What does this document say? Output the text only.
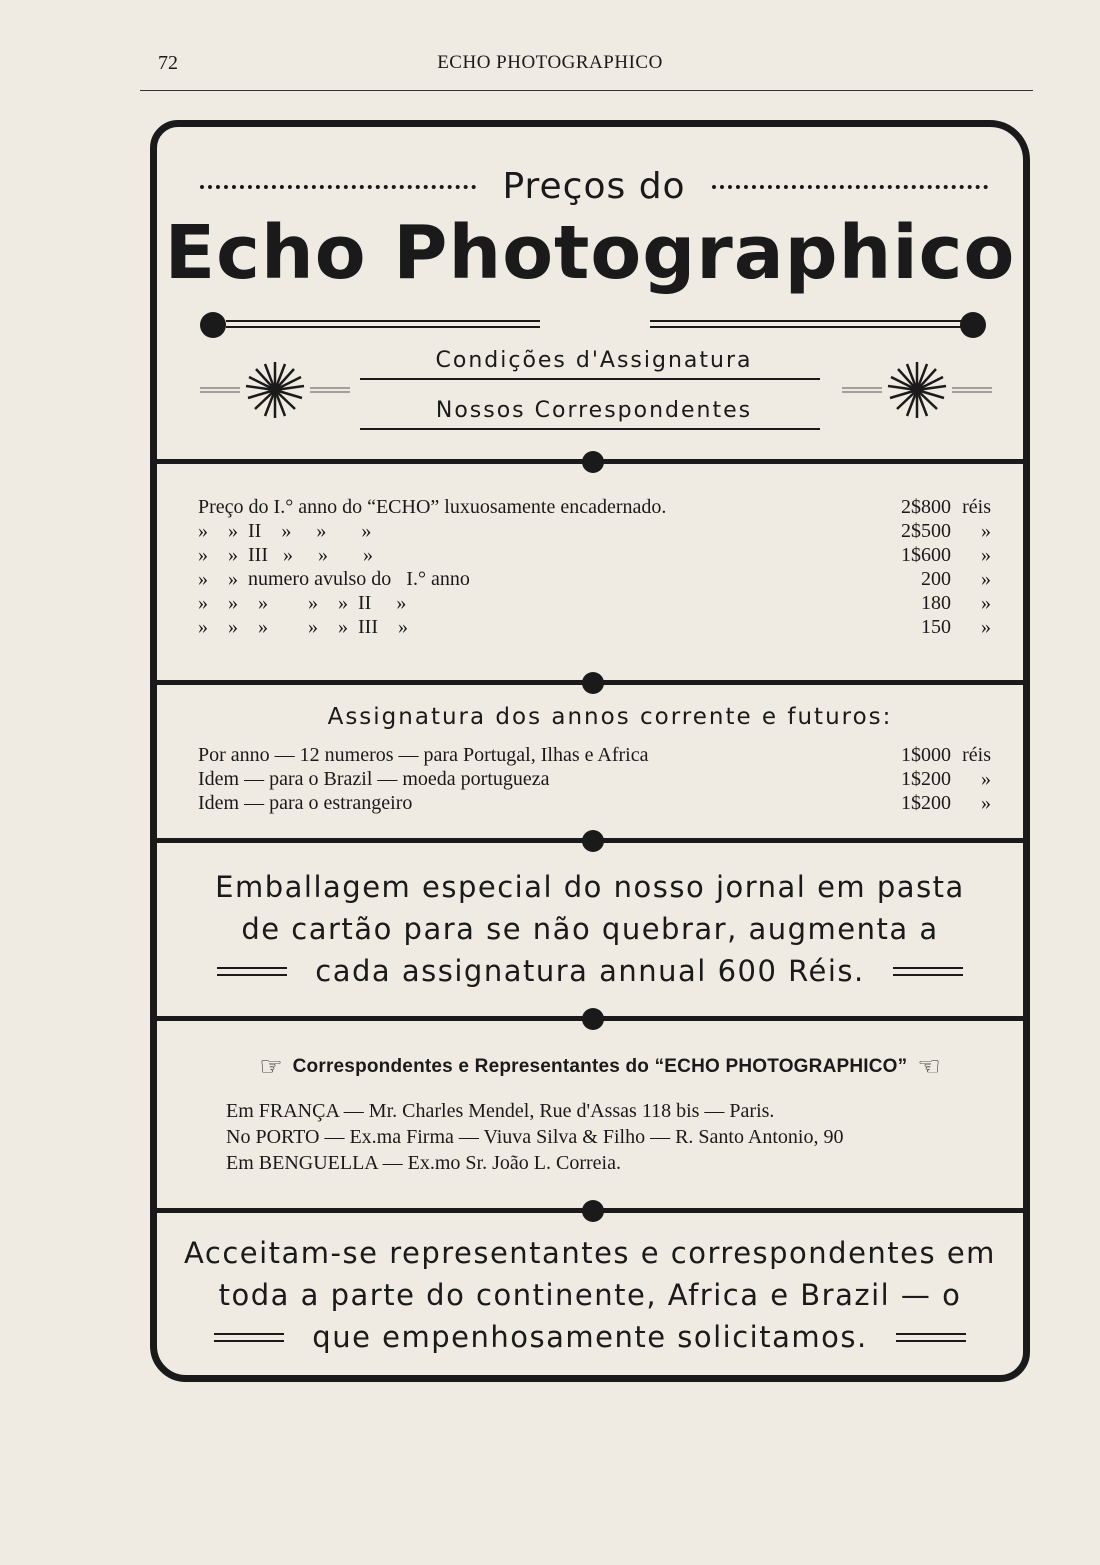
72	ECHO PHOTOGRAPHICO
Preços do
Echo Photographico
Condições d'Assignatura
Nossos Correspondentes
Preço do I.° anno do “ECHO” luxuosamente encadernado.	2$800 réis
»    »  II    »     »       »	2$500 »
»    »  III   »     »       »	1$600 »
»    »  numero avulso do   I.° anno	200 »
»    »    »        »    »  II     »	180 »
»    »    »        »    »  III    »	150 »
Assignatura dos annos corrente e futuros:
Por anno — 12 numeros — para Portugal, Ilhas e Africa	1$000 réis
Idem — para o Brazil — moeda portugueza	1$200 »
Idem — para o estrangeiro	1$200 »
Emballagem especial do nosso jornal em pasta
de cartão para se não quebrar, augmenta a
cada assignatura annual 600 Réis.
☞ Correspondentes e Representantes do “ECHO PHOTOGRAPHICO” ☜
Em FRANÇA — Mr. Charles Mendel, Rue d'Assas 118 bis — Paris.
No PORTO — Ex.ma Firma — Viuva Silva & Filho — R. Santo Antonio, 90
Em BENGUELLA — Ex.mo Sr. João L. Correia.
Acceitam-se representantes e correspondentes em
toda a parte do continente, Africa e Brazil — o
que empenhosamente solicitamos.
